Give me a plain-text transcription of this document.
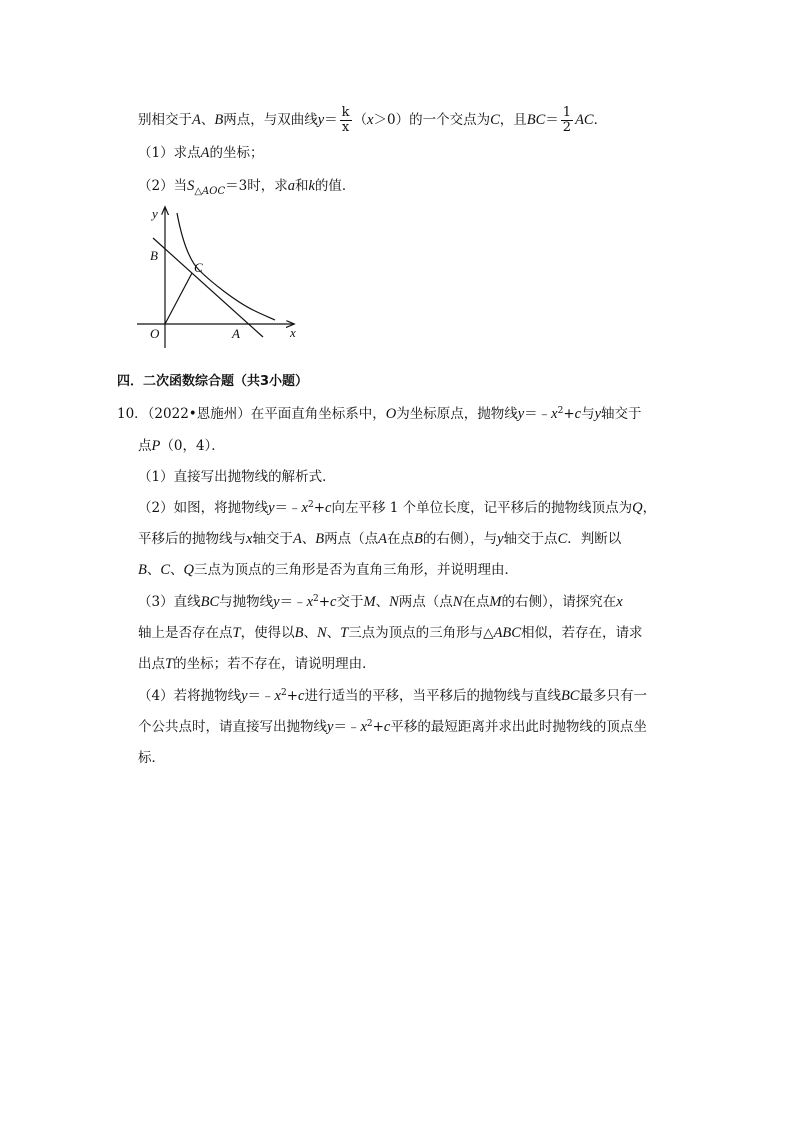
别相交于A、B两点，与双曲线$y= \frac{k}{x} (x>0)$的一个交点为C，且$BC= \frac{1}{2}$ AC．
（1）求点A的坐标；
（2）当$S_{\triangle AOC}=3$时，求a和k的值．
y
B
C
O	A	x
四．二次函数综合题（共3小题）
10．（2022•恩施州）在平面直角坐标系中，O为坐标原点，抛物线$y=﹣x^2+c$与y轴交于
点P（0，4）．
（1）直接写出抛物线的解析式．
（2）如图，将抛物线$y=﹣x^2+c$向左平移 1 个单位长度，记平移后的抛物线顶点为Q，
平移后的抛物线与x轴交于A、B两点（点A在点B的右侧），与y轴交于点C．判断以
B、C、Q三点为顶点的三角形是否为直角三角形，并说明理由．
（3）直线BC与抛物线$y=﹣x^2+c$交于M、N两点（点N在点M的右侧），请探究在x
轴上是否存在点T，使得以B、N、T三点为顶点的三角形与△ABC相似，若存在，请求
出点T的坐标；若不存在，请说明理由．
（4）若将抛物线$y=﹣x^2+c$进行适当的平移，当平移后的抛物线与直线BC最多只有一
个公共点时，请直接写出抛物线$y=﹣x^2+c$平移的最短距离并求出此时抛物线的顶点坐
标．
